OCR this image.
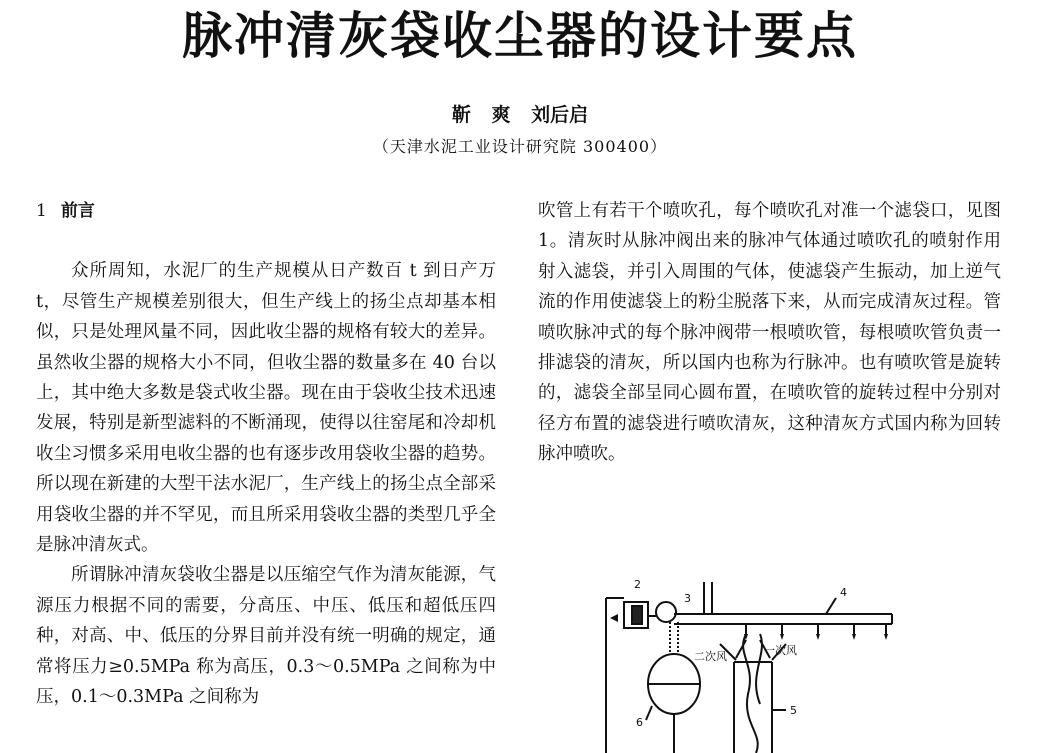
脉冲清灰袋收尘器的设计要点
靳 爽 刘后启
（天津水泥工业设计研究院 300400）
1 前言

众所周知，水泥厂的生产规模从日产数百 t 到日产万 t，尽管生产规模差别很大，但生产线上的扬尘点却基本相似，只是处理风量不同，因此收尘器的规格有较大的差异。虽然收尘器的规格大小不同，但收尘器的数量多在 40 台以上，其中绝大多数是袋式收尘器。现在由于袋收尘技术迅速发展，特别是新型滤料的不断涌现，使得以往窑尾和冷却机收尘习惯多采用电收尘器的也有逐步改用袋收尘器的趋势。所以现在新建的大型干法水泥厂，生产线上的扬尘点全部采用袋收尘器的并不罕见，而且所采用袋收尘器的类型几乎全是脉冲清灰式。

所谓脉冲清灰袋收尘器是以压缩空气作为清灰能源，气源压力根据不同的需要，分高压、中压、低压和超低压四种，对高、中、低压的分界目前并没有统一明确的规定，通常将压力≥0.5MPa 称为高压，0.3～0.5MPa 之间称为中压，0.1～0.3MPa 之间称为

吹管上有若干个喷吹孔，每个喷吹孔对准一个滤袋口，见图 1。清灰时从脉冲阀出来的脉冲气体通过喷吹孔的喷射作用射入滤袋，并引入周围的气体，使滤袋产生振动，加上逆气流的作用使滤袋上的粉尘脱落下来，从而完成清灰过程。管喷吹脉冲式的每个脉冲阀带一根喷吹管，每根喷吹管负责一排滤袋的清灰，所以国内也称为行脉冲。也有喷吹管是旋转的，滤袋全部呈同心圆布置，在喷吹管的旋转过程中分别对径方布置的滤袋进行喷吹清灰，这种清灰方式国内称为回转脉冲喷吹。

2
3	4
5
6
二次风	一次风
